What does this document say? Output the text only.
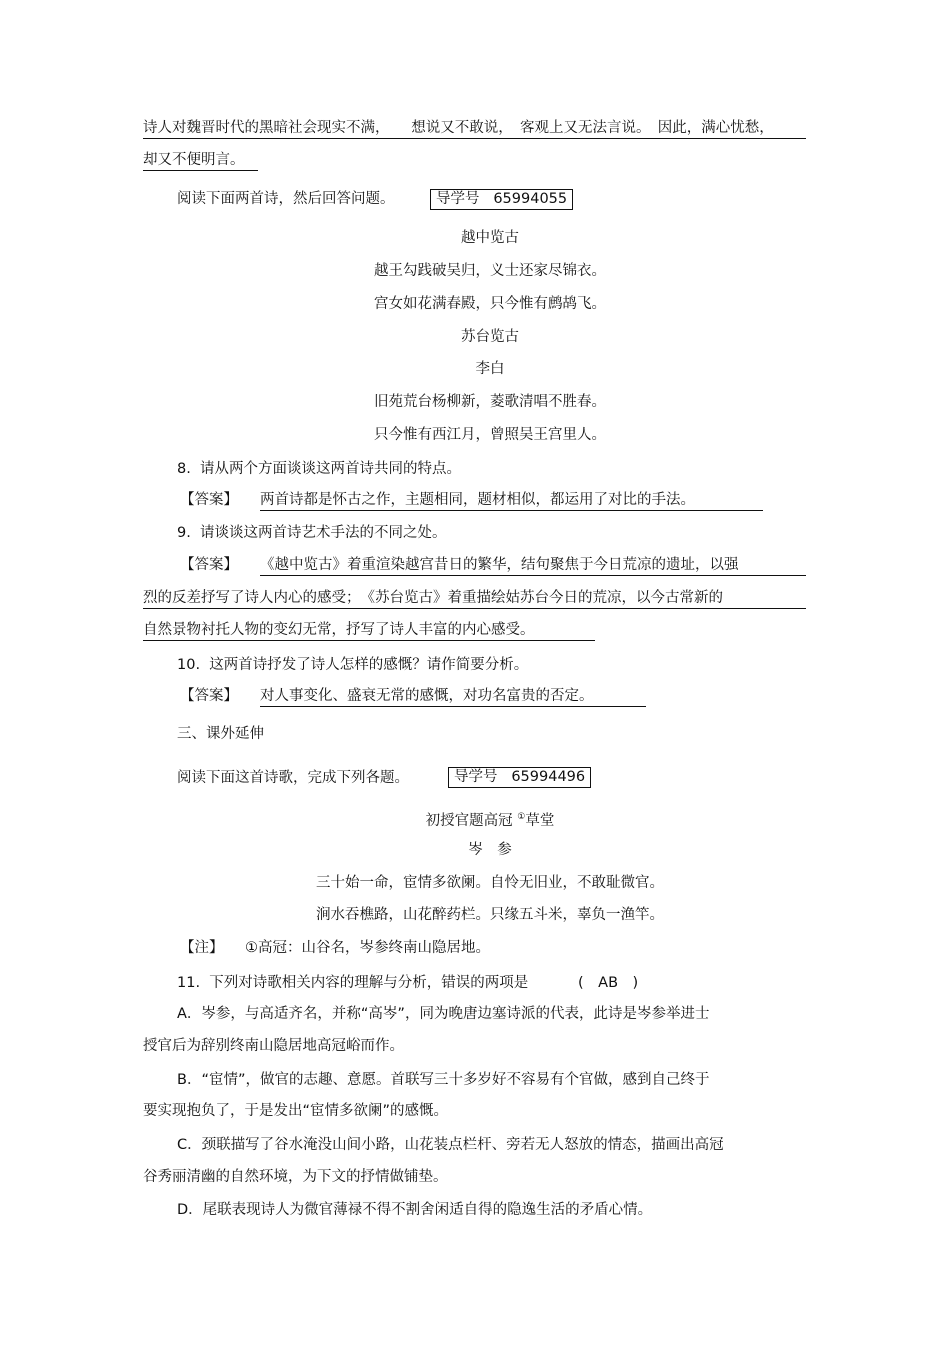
诗人对魏晋时代的黑暗社会现实不满，　　想说又不敢说，　客观上又无法言说。　因此，满心忧愁，
却又不便明言。
阅读下面两首诗，然后回答问题。	导学号 65994055
越中览古
越王勾践破吴归，义士还家尽锦衣。
宫女如花满春殿，只今惟有鹧鸪飞。
苏台览古
李白
旧苑荒台杨柳新，菱歌清唱不胜春。
只今惟有西江月，曾照吴王宫里人。
8.  请从两个方面谈谈这两首诗共同的特点。
【答案】 两首诗都是怀古之作，主题相同，题材相似，都运用了对比的手法。
9.  请谈谈这两首诗艺术手法的不同之处。
【答案】 《越中览古》着重渲染越宫昔日的繁华，结句聚焦于今日荒凉的遗址，以强
烈的反差抒写了诗人内心的感受；　《苏台览古》着重描绘姑苏台今日的荒凉，以今古常新的
自然景物衬托人物的变幻无常，抒写了诗人丰富的内心感受。
10.  这两首诗抒发了诗人怎样的感慨？请作简要分析。
【答案】 对人事变化、盛衰无常的感慨，对功名富贵的否定。
三、课外延伸
阅读下面这首诗歌，完成下列各题。	导学号 65994496
初授官题高冠 ①草堂
岑　参
三十始一命，宦情多欲阑。自怜无旧业，不敢耻微官。
涧水吞樵路，山花醉药栏。只缘五斗米，辜负一渔竿。
【注】 ①高冠：山谷名，岑参终南山隐居地。
11.  下列对诗歌相关内容的理解与分析，错误的两项是	(　AB　)
A．岑参，与高适齐名，并称“高岑”，同为晚唐边塞诗派的代表，此诗是岑参举进士
授官后为辞别终南山隐居地高冠峪而作。
B．“宦情”，做官的志趣、意愿。首联写三十多岁好不容易有个官做，感到自己终于
要实现抱负了，于是发出“宦情多欲阑”的感慨。
C．颈联描写了谷水淹没山间小路，山花装点栏杆、旁若无人怒放的情态，描画出高冠
谷秀丽清幽的自然环境，为下文的抒情做铺垫。
D．尾联表现诗人为微官薄禄不得不割舍闲适自得的隐逸生活的矛盾心情。
